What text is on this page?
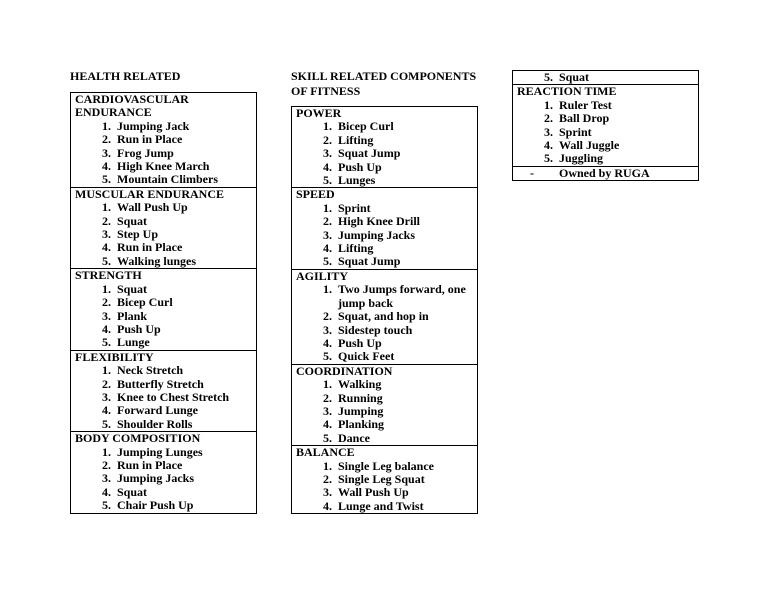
HEALTH RELATED
CARDIOVASCULAR ENDURANCE
1. Jumping Jack
2. Run in Place
3. Frog Jump
4. High Knee March
5. Mountain Climbers
MUSCULAR ENDURANCE
1. Wall Push Up
2. Squat
3. Step Up
4. Run in Place
5. Walking lunges
STRENGTH
1. Squat
2. Bicep Curl
3. Plank
4. Push Up
5. Lunge
FLEXIBILITY
1. Neck Stretch
2. Butterfly Stretch
3. Knee to Chest Stretch
4. Forward Lunge
5. Shoulder Rolls
BODY COMPOSITION
1. Jumping Lunges
2. Run in Place
3. Jumping Jacks
4. Squat
5. Chair Push Up
SKILL RELATED COMPONENTS OF FITNESS
POWER
1. Bicep Curl
2. Lifting
3. Squat Jump
4. Push Up
5. Lunges
SPEED
1. Sprint
2. High Knee Drill
3. Jumping Jacks
4. Lifting
5. Squat Jump
AGILITY
1. Two Jumps forward, one jump back
2. Squat, and hop in
3. Sidestep touch
4. Push Up
5. Quick Feet
COORDINATION
1. Walking
2. Running
3. Jumping
4. Planking
5. Dance
BALANCE
1. Single Leg balance
2. Single Leg Squat
3. Wall Push Up
4. Lunge and Twist
5. Squat
REACTION TIME
1. Ruler Test
2. Ball Drop
3. Sprint
4. Wall Juggle
5. Juggling
-	Owned by RUGA
